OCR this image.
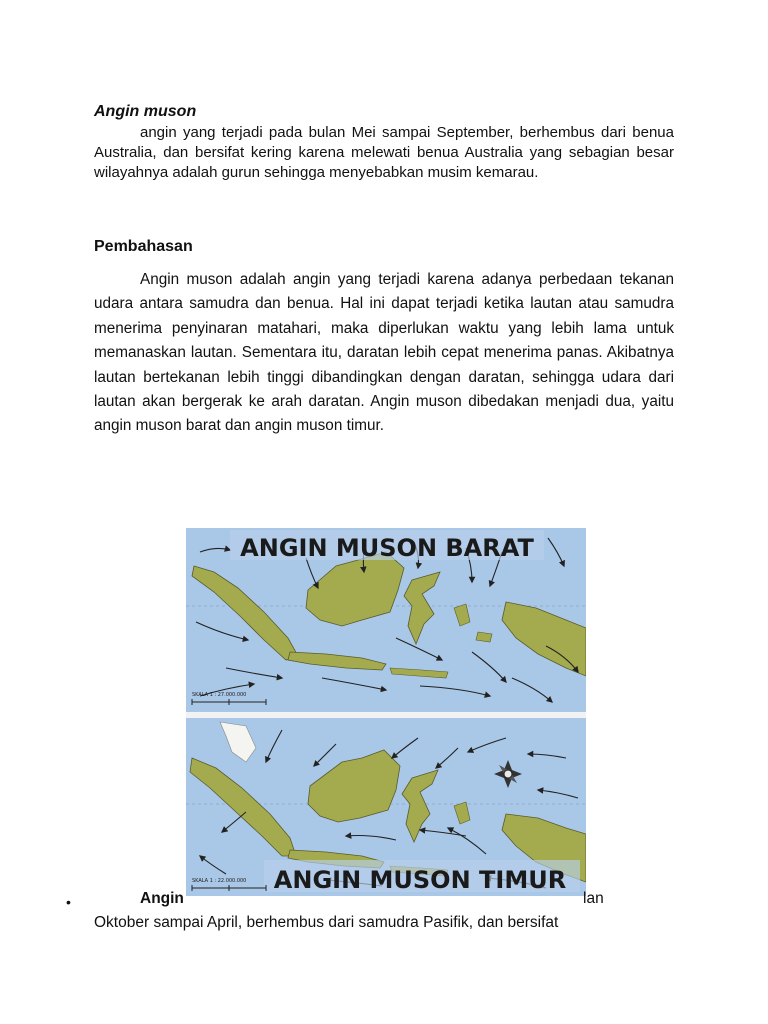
Angin muson
angin yang terjadi pada bulan Mei sampai September, berhembus dari benua Australia, dan bersifat kering karena melewati benua Australia yang sebagian besar wilayahnya adalah gurun sehingga menyebabkan musim kemarau.
Pembahasan
Angin muson adalah angin yang terjadi karena adanya perbedaan tekanan udara antara samudra dan benua. Hal ini dapat terjadi ketika lautan atau samudra menerima penyinaran matahari, maka diperlukan waktu yang lebih lama untuk memanaskan lautan. Sementara itu, daratan lebih cepat menerima panas. Akibatnya lautan bertekanan lebih tinggi dibandingkan dengan daratan, sehingga udara dari lautan akan bergerak ke arah daratan. Angin muson dibedakan menjadi dua, yaitu angin muson barat dan angin muson timur.
ANGIN MUSON BARAT
SKALA 1 : 27.000.000
ANGIN MUSON TIMUR
SKALA 1 : 22.000.000
•	Angin	lan
Oktober sampai April, berhembus dari samudra Pasifik, dan bersifat
